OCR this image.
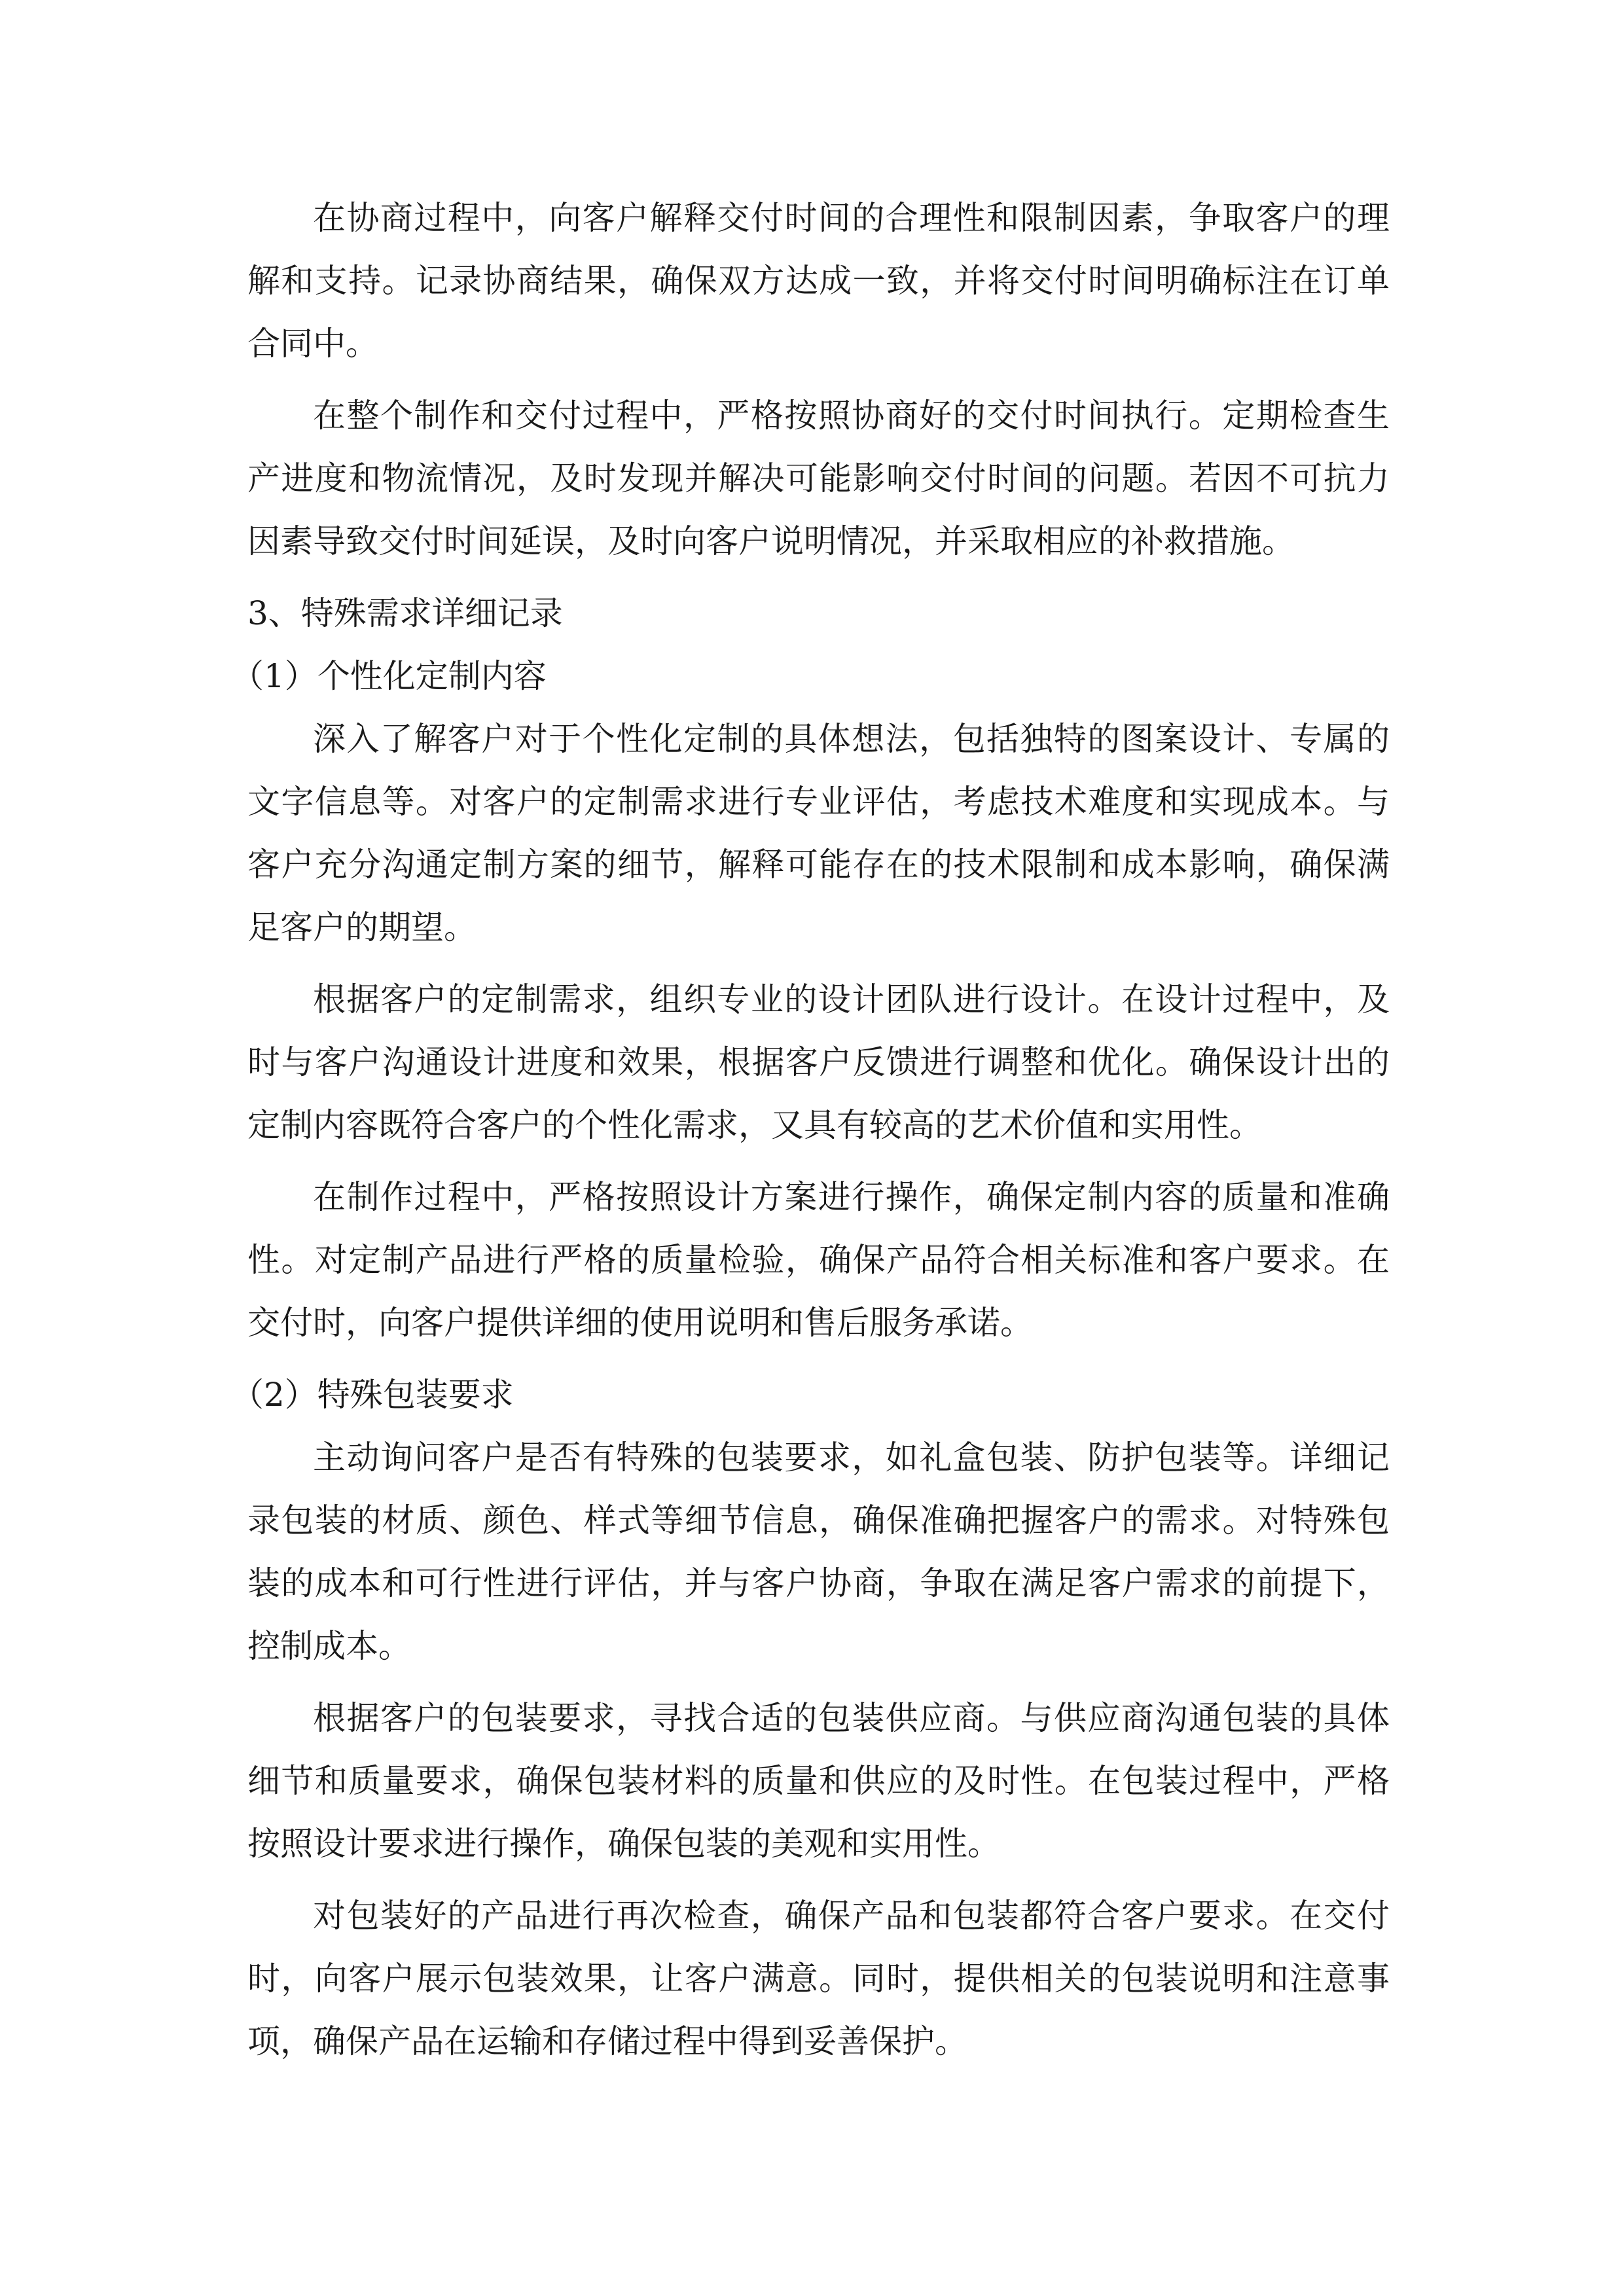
在协商过程中，向客户解释交付时间的合理性和限制因素，争取客户的理解和支持。记录协商结果，确保双方达成一致，并将交付时间明确标注在订单合同中。

在整个制作和交付过程中，严格按照协商好的交付时间执行。定期检查生产进度和物流情况，及时发现并解决可能影响交付时间的问题。若因不可抗力因素导致交付时间延误，及时向客户说明情况，并采取相应的补救措施。

3、特殊需求详细记录

（1）个性化定制内容

深入了解客户对于个性化定制的具体想法，包括独特的图案设计、专属的文字信息等。对客户的定制需求进行专业评估，考虑技术难度和实现成本。与客户充分沟通定制方案的细节，解释可能存在的技术限制和成本影响，确保满足客户的期望。

根据客户的定制需求，组织专业的设计团队进行设计。在设计过程中，及时与客户沟通设计进度和效果，根据客户反馈进行调整和优化。确保设计出的定制内容既符合客户的个性化需求，又具有较高的艺术价值和实用性。

在制作过程中，严格按照设计方案进行操作，确保定制内容的质量和准确性。对定制产品进行严格的质量检验，确保产品符合相关标准和客户要求。在交付时，向客户提供详细的使用说明和售后服务承诺。

（2）特殊包装要求

主动询问客户是否有特殊的包装要求，如礼盒包装、防护包装等。详细记录包装的材质、颜色、样式等细节信息，确保准确把握客户的需求。对特殊包装的成本和可行性进行评估，并与客户协商，争取在满足客户需求的前提下，控制成本。

根据客户的包装要求，寻找合适的包装供应商。与供应商沟通包装的具体细节和质量要求，确保包装材料的质量和供应的及时性。在包装过程中，严格按照设计要求进行操作，确保包装的美观和实用性。

对包装好的产品进行再次检查，确保产品和包装都符合客户要求。在交付时，向客户展示包装效果，让客户满意。同时，提供相关的包装说明和注意事项，确保产品在运输和存储过程中得到妥善保护。
